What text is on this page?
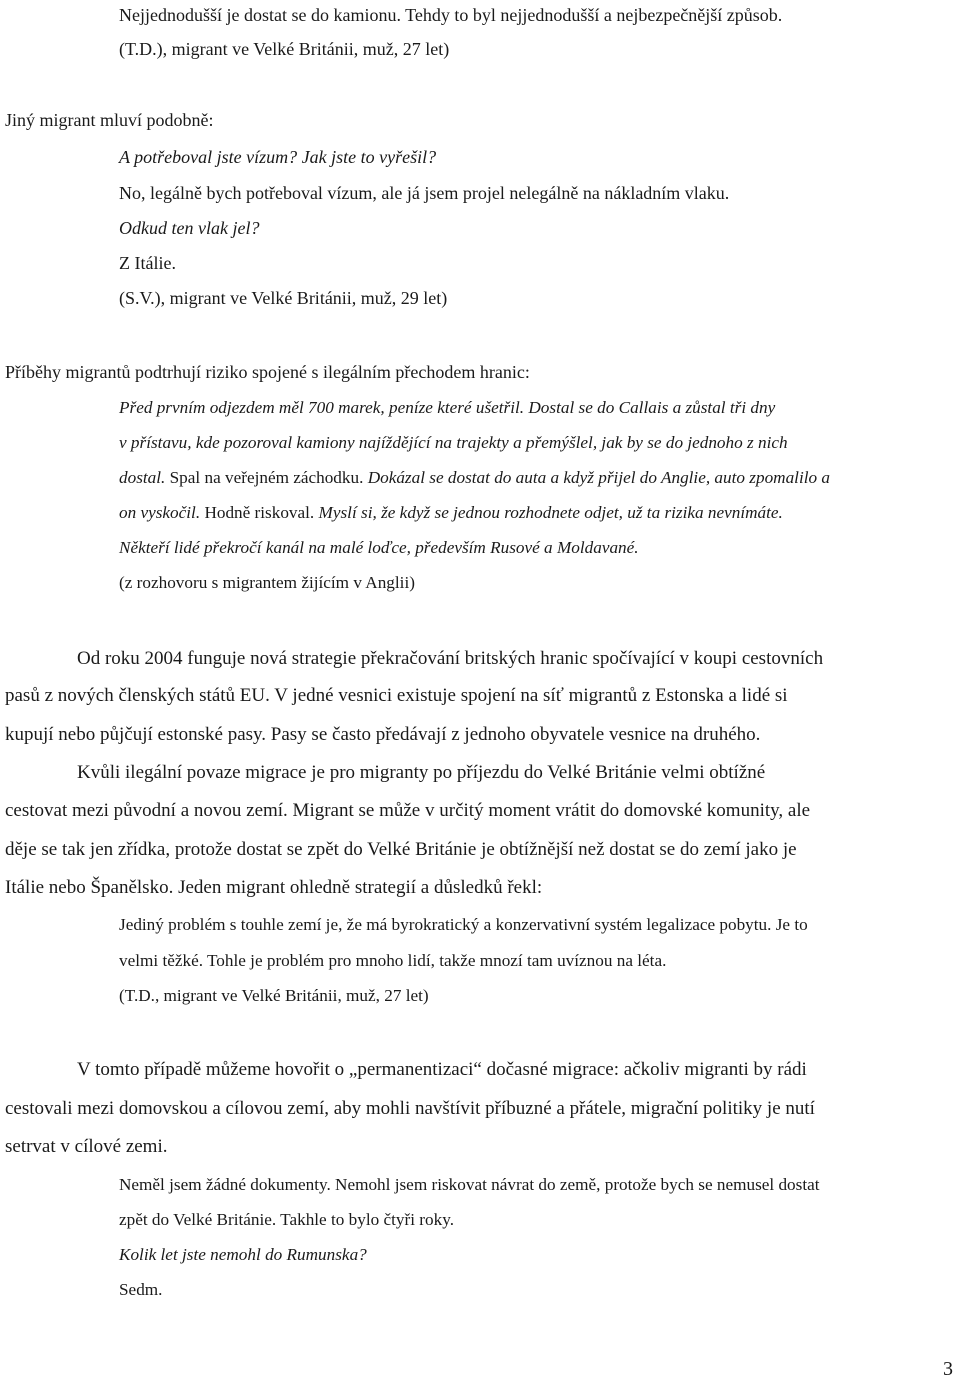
Nejjednodušší je dostat se do kamionu. Tehdy to byl nejjednodušší a nejbezpečnější způsob.

(T.D.), migrant ve Velké Británii, muž, 27 let)

Jiný migrant mluví podobně:

A potřeboval jste vízum? Jak jste to vyřešil?

No, legálně bych potřeboval vízum, ale já jsem projel nelegálně na nákladním vlaku.

Odkud ten vlak jel?

Z Itálie.

(S.V.), migrant ve Velké Británii, muž, 29 let)

Příběhy migrantů podtrhují riziko spojené s ilegálním přechodem hranic:

Před prvním odjezdem měl 700 marek, peníze které ušetřil. Dostal se do Callais a zůstal tři dny

v přístavu, kde pozoroval kamiony najíždějící na trajekty a přemýšlel, jak by se do jednoho z nich

dostal. Spal na veřejném záchodku. Dokázal se dostat do auta a když přijel do Anglie, auto zpomalilo a

on vyskočil. Hodně riskoval. Myslí si, že když se jednou rozhodnete odjet, už ta rizika nevnímáte.

Někteří lidé překročí kanál na malé loďce, především Rusové a Moldavané.

(z rozhovoru s migrantem žijícím v Anglii)

Od roku 2004 funguje nová strategie překračování britských hranic spočívající v koupi cestovních

pasů z nových členských států EU. V jedné vesnici existuje spojení na síť migrantů z Estonska a lidé si

kupují nebo půjčují estonské pasy. Pasy se často předávají z jednoho obyvatele vesnice na druhého.

Kvůli ilegální povaze migrace je pro migranty po příjezdu do Velké Británie velmi obtížné

cestovat mezi původní a novou zemí. Migrant se může v určitý moment vrátit do domovské komunity, ale

děje se tak jen zřídka, protože dostat se zpět do Velké Británie je obtížnější než dostat se do zemí jako je

Itálie nebo Španělsko. Jeden migrant ohledně strategií a důsledků řekl:

Jediný problém s touhle zemí je, že má byrokratický a konzervativní systém legalizace pobytu. Je to

velmi těžké. Tohle je problém pro mnoho lidí, takže mnozí tam uvíznou na léta.

(T.D., migrant ve Velké Británii, muž, 27 let)

V tomto případě můžeme hovořit o „permanentizaci“ dočasné migrace: ačkoliv migranti by rádi

cestovali mezi domovskou a cílovou zemí, aby mohli navštívit příbuzné a přátele, migrační politiky je nutí

setrvat v cílové zemi.

Neměl jsem žádné dokumenty. Nemohl jsem riskovat návrat do země, protože bych se nemusel dostat

zpět do Velké Británie. Takhle to bylo čtyři roky.

Kolik let jste nemohl do Rumunska?

Sedm.

3
